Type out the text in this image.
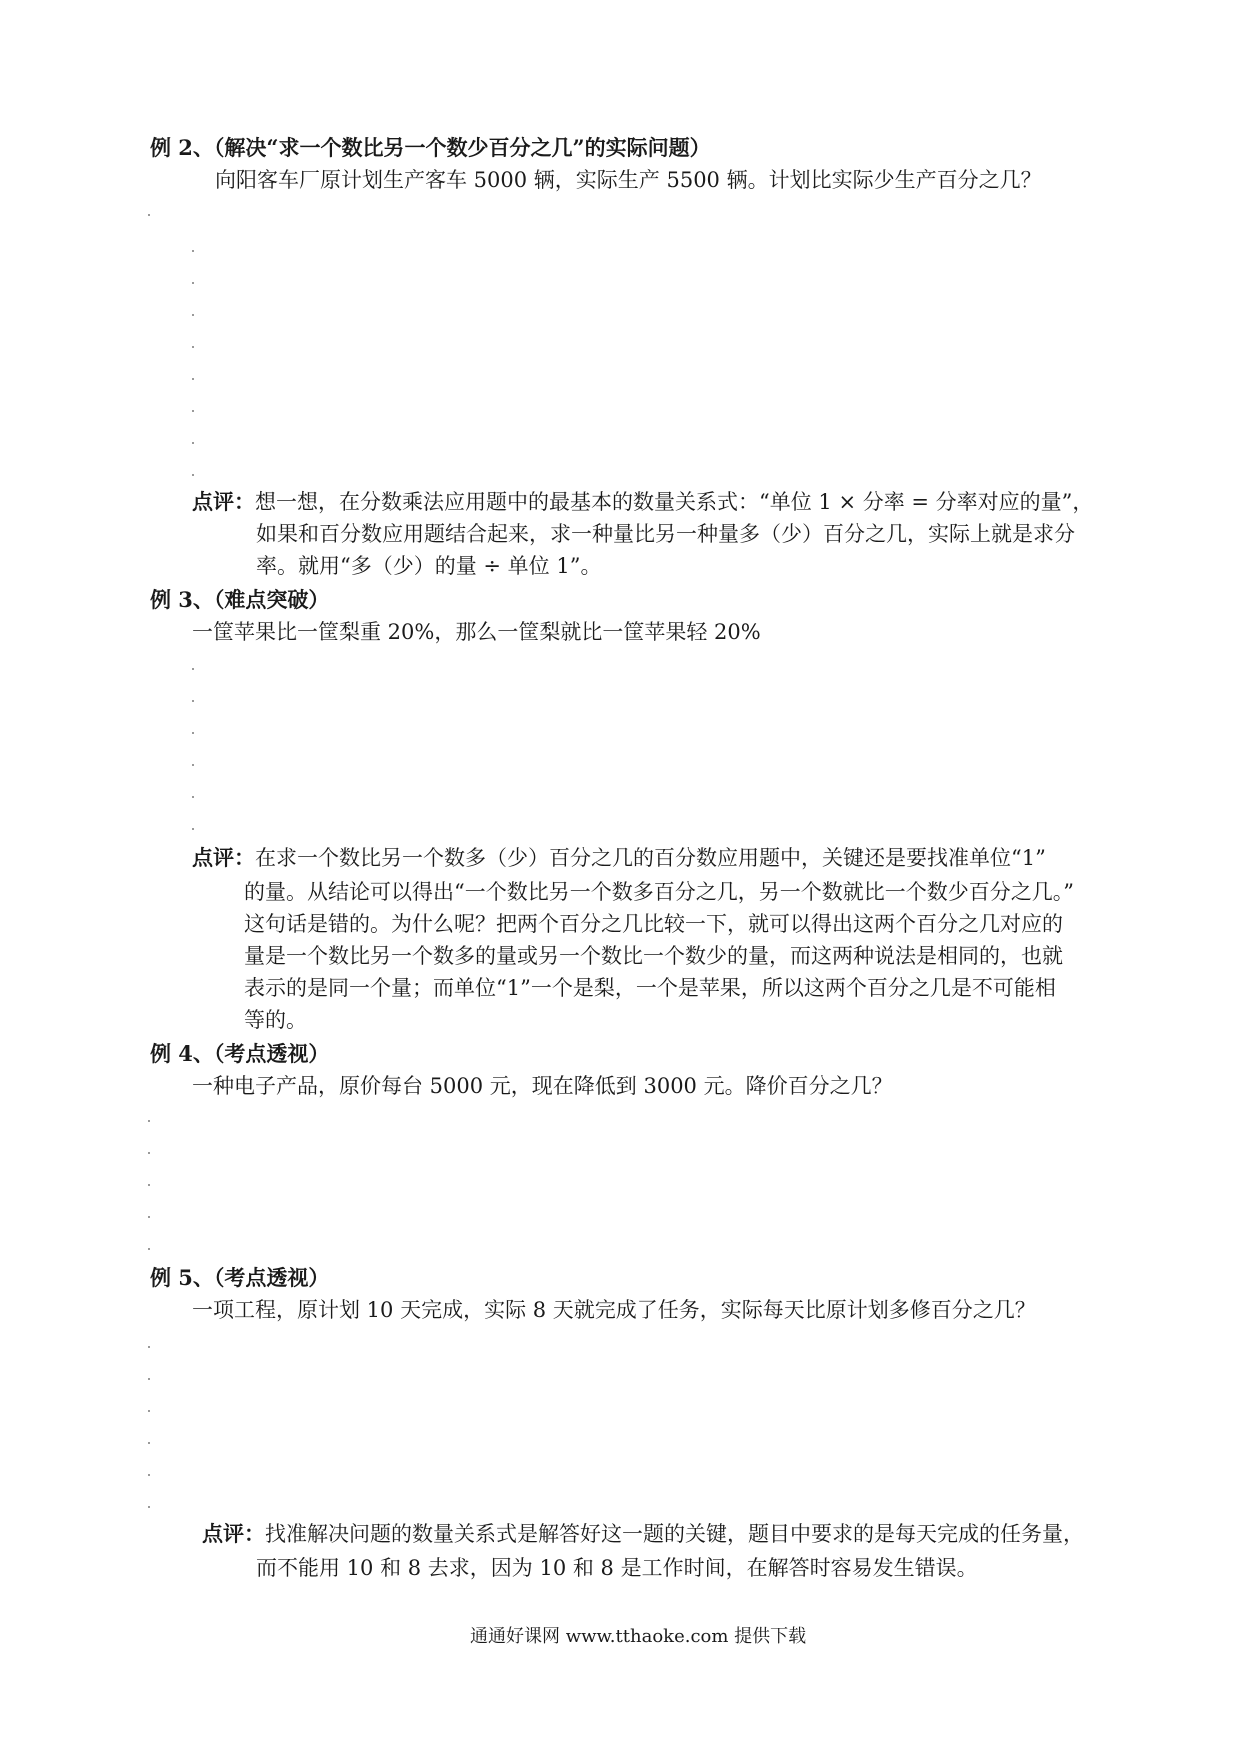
例 2、（解决“求一个数比另一个数少百分之几”的实际问题）
向阳客车厂原计划生产客车 5000 辆，实际生产 5500 辆。计划比实际少生产百分之几？
点评：想一想，在分数乘法应用题中的最基本的数量关系式：“单位 1 × 分率 = 分率对应的量”，
如果和百分数应用题结合起来，求一种量比另一种量多（少）百分之几，实际上就是求分
率。就用“多（少）的量 ÷ 单位 1”。
例 3、（难点突破）
一筐苹果比一筐梨重 20%，那么一筐梨就比一筐苹果轻 20%
点评：在求一个数比另一个数多（少）百分之几的百分数应用题中，关键还是要找准单位“1”
的量。从结论可以得出“一个数比另一个数多百分之几，另一个数就比一个数少百分之几。”
这句话是错的。为什么呢？把两个百分之几比较一下，就可以得出这两个百分之几对应的
量是一个数比另一个数多的量或另一个数比一个数少的量，而这两种说法是相同的，也就
表示的是同一个量；而单位“1”一个是梨，一个是苹果，所以这两个百分之几是不可能相
等的。
例 4、（考点透视）
一种电子产品，原价每台 5000 元，现在降低到 3000 元。降价百分之几？
例 5、（考点透视）
一项工程，原计划 10 天完成，实际 8 天就完成了任务，实际每天比原计划多修百分之几？
点评：找准解决问题的数量关系式是解答好这一题的关键，题目中要求的是每天完成的任务量，
而不能用 10 和 8 去求，因为 10 和 8 是工作时间，在解答时容易发生错误。
通通好课网 www.tthaoke.com 提供下载
